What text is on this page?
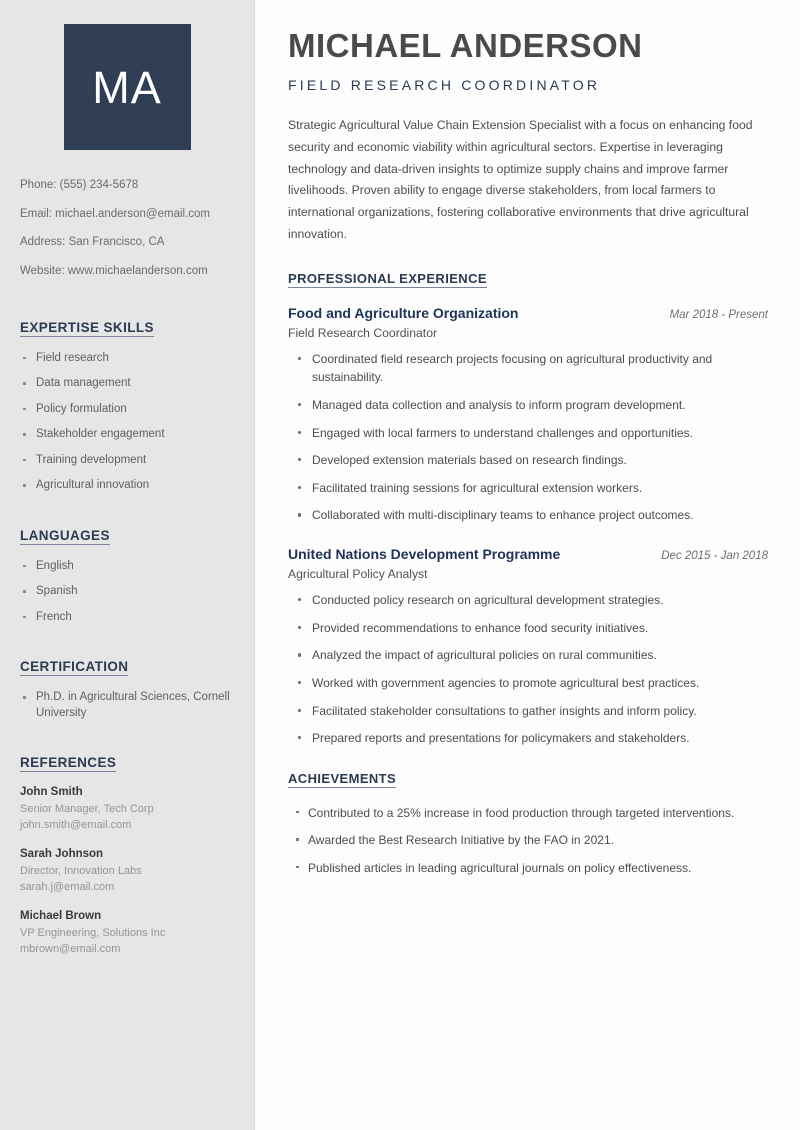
MA
Phone: (555) 234-5678
Email: michael.anderson@email.com
Address: San Francisco, CA
Website: www.michaelanderson.com
EXPERTISE SKILLS
Field research
Data management
Policy formulation
Stakeholder engagement
Training development
Agricultural innovation
LANGUAGES
English
Spanish
French
CERTIFICATION
Ph.D. in Agricultural Sciences, Cornell University
REFERENCES
John Smith
Senior Manager, Tech Corp
john.smith@email.com
Sarah Johnson
Director, Innovation Labs
sarah.j@email.com
Michael Brown
VP Engineering, Solutions Inc
mbrown@email.com
MICHAEL ANDERSON
FIELD RESEARCH COORDINATOR

Strategic Agricultural Value Chain Extension Specialist with a focus on enhancing food security and economic viability within agricultural sectors. Expertise in leveraging technology and data-driven insights to optimize supply chains and improve farmer livelihoods. Proven ability to engage diverse stakeholders, from local farmers to international organizations, fostering collaborative environments that drive agricultural innovation.

PROFESSIONAL EXPERIENCE
Food and Agriculture Organization	Mar 2018 - Present
Field Research Coordinator
Coordinated field research projects focusing on agricultural productivity and sustainability.
Managed data collection and analysis to inform program development.
Engaged with local farmers to understand challenges and opportunities.
Developed extension materials based on research findings.
Facilitated training sessions for agricultural extension workers.
Collaborated with multi-disciplinary teams to enhance project outcomes.
United Nations Development Programme	Dec 2015 - Jan 2018
Agricultural Policy Analyst
Conducted policy research on agricultural development strategies.
Provided recommendations to enhance food security initiatives.
Analyzed the impact of agricultural policies on rural communities.
Worked with government agencies to promote agricultural best practices.
Facilitated stakeholder consultations to gather insights and inform policy.
Prepared reports and presentations for policymakers and stakeholders.
ACHIEVEMENTS
Contributed to a 25% increase in food production through targeted interventions.
Awarded the Best Research Initiative by the FAO in 2021.
Published articles in leading agricultural journals on policy effectiveness.
